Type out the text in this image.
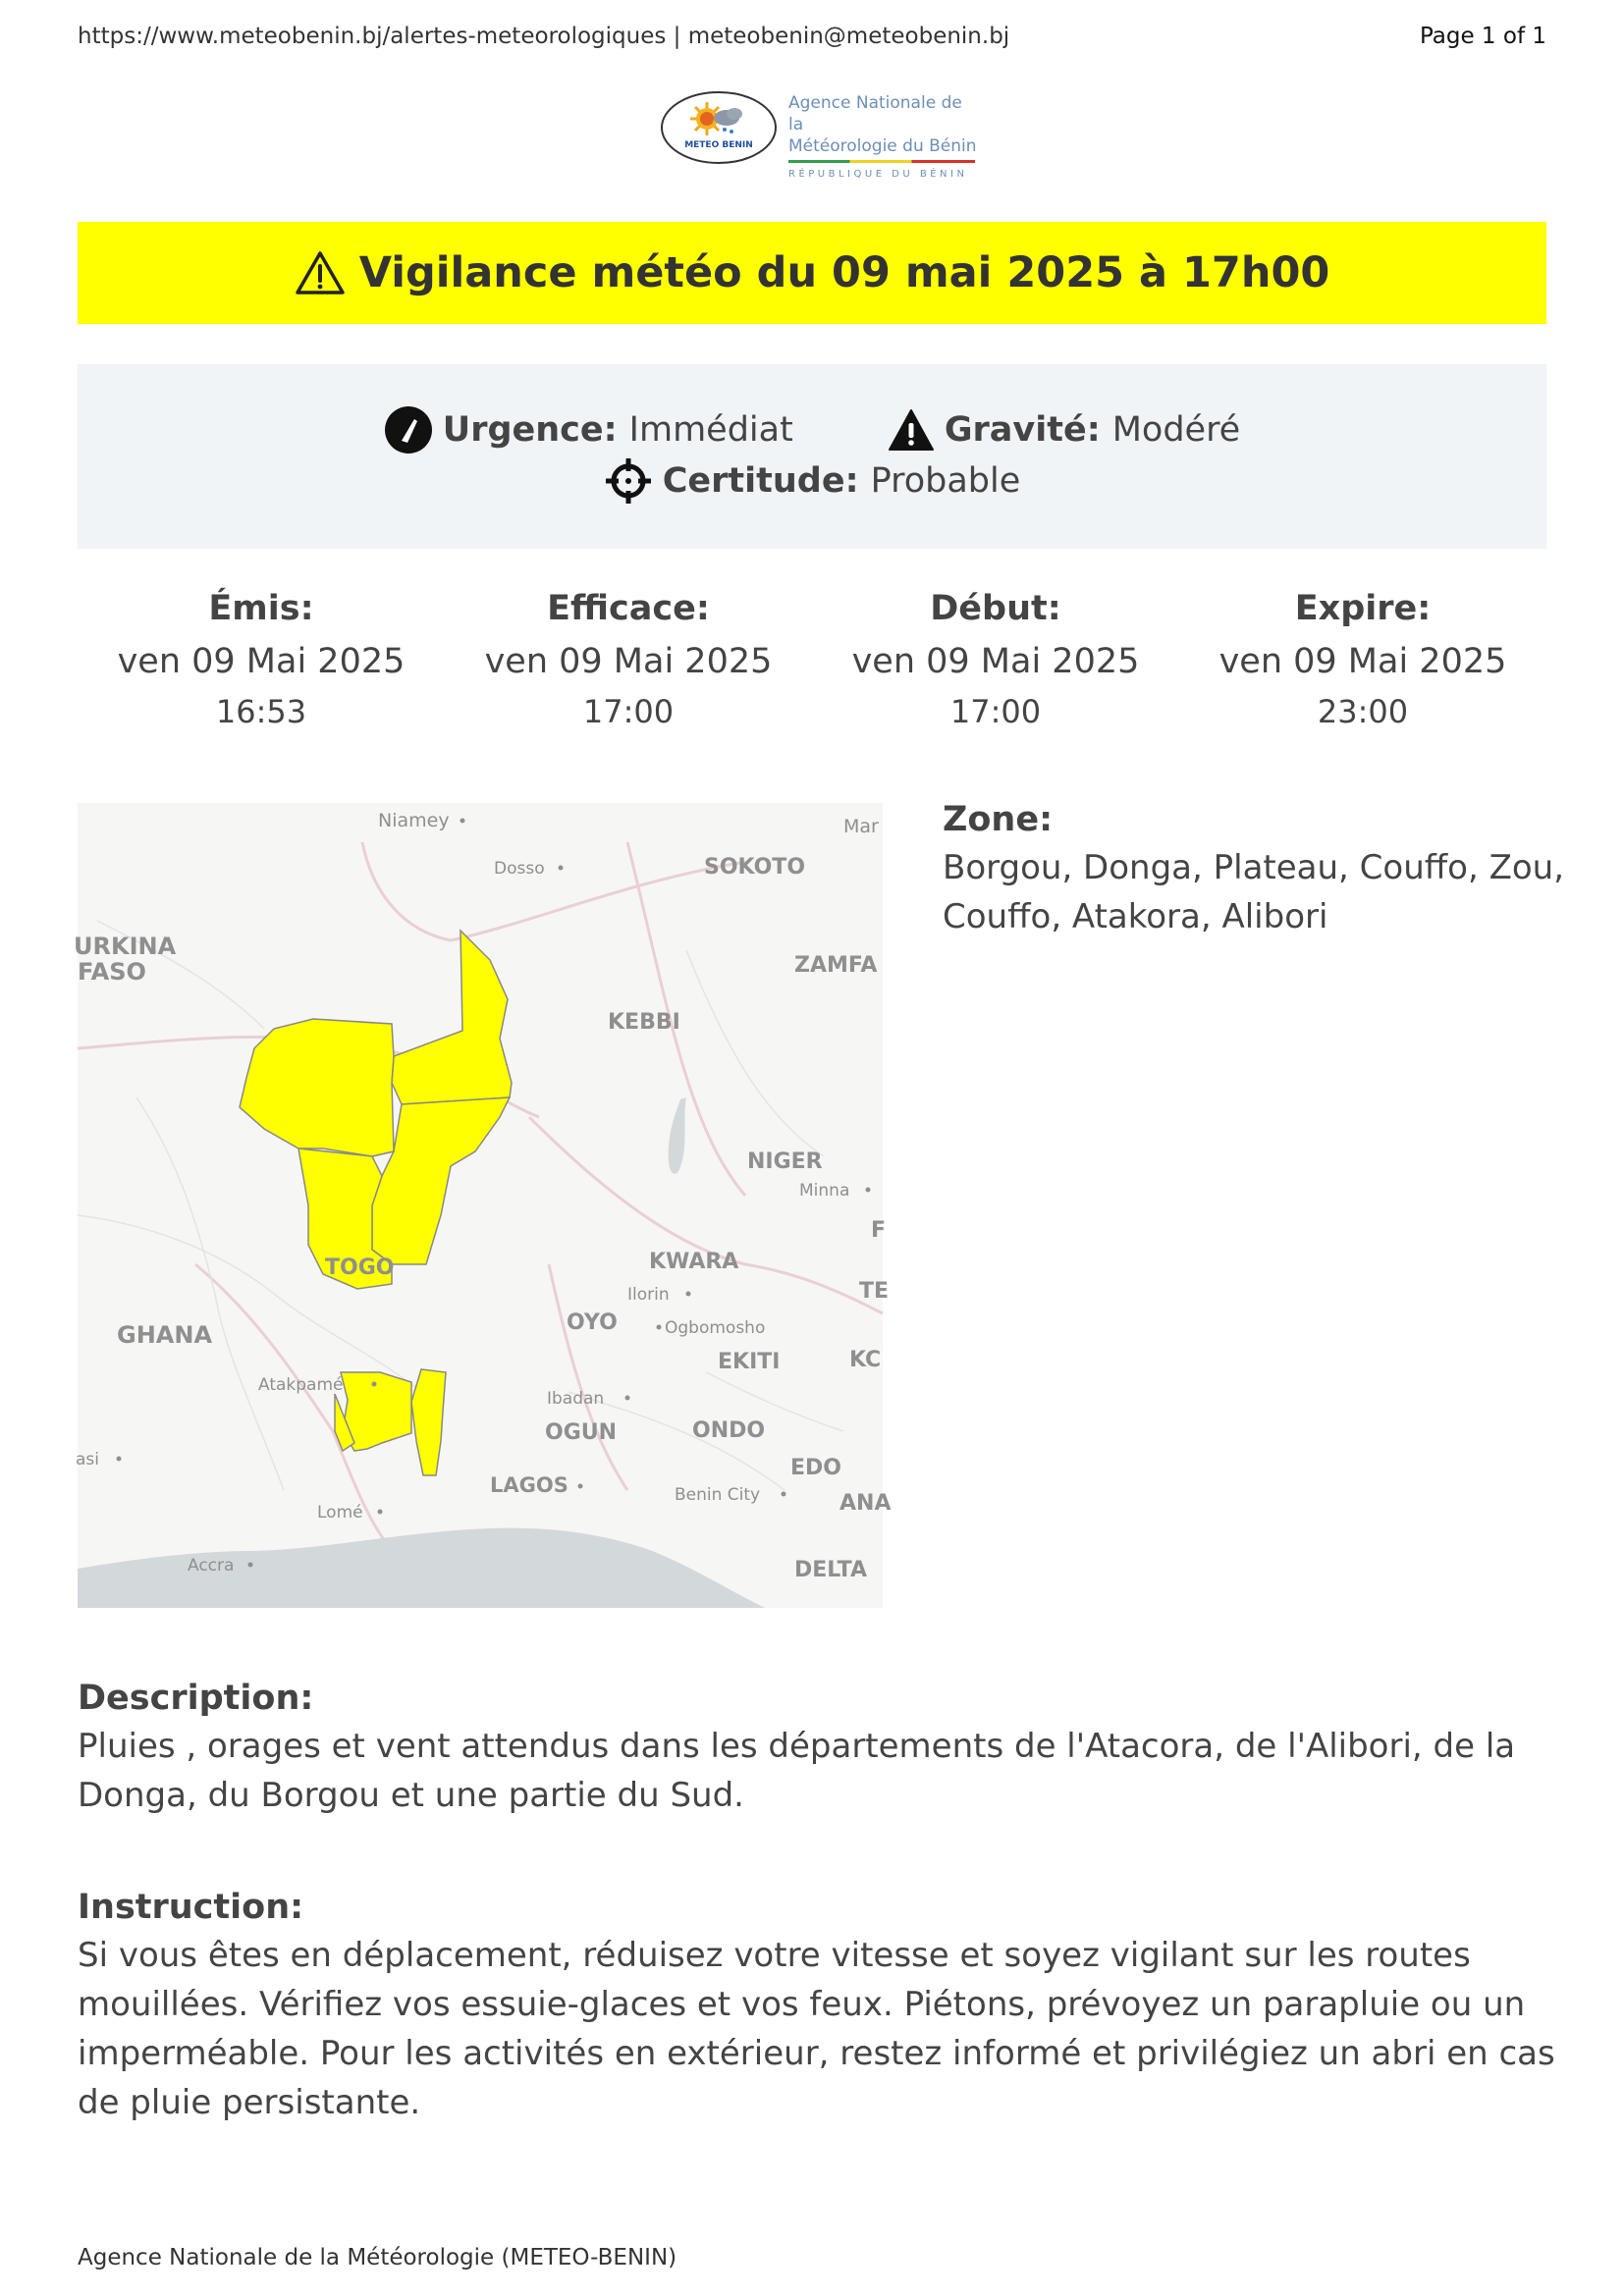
https://www.meteobenin.bj/alertes-meteorologiques | meteobenin@meteobenin.bj	Page 1 of 1
METEO BENIN
Agence Nationale de la
Météorologie du Bénin
RÉPUBLIQUE DU BÉNIN
Vigilance météo du 09 mai 2025 à 17h00
Urgence: Immédiat	Gravité: Modéré
Certitude: Probable
Émis:
ven 09 Mai 2025
16:53
Efficace:
ven 09 Mai 2025
17:00
Début:
ven 09 Mai 2025
17:00
Expire:
ven 09 Mai 2025
23:00
Niamey
Dosso	SOKOTO
Mar
URKINA
FASO	ZAMFA
KEBBI
NIGER
Minna
F
TOGO	KWARA
Ilorin	TE
OYO	Ogbomosho
GHANA
EKITI	KC
Atakpamé
Ibadan
OGUN	ONDO
asi	EDO
LAGOS	Benin City	ANA
Lomé
Accra	DELTA
Zone:
Borgou, Donga, Plateau, Couffo, Zou, Couffo, Atakora, Alibori
Description:
Pluies , orages et vent attendus dans les départements de l'Atacora, de l'Alibori, de la Donga, du Borgou et une partie du Sud.
Instruction:
Si vous êtes en déplacement, réduisez votre vitesse et soyez vigilant sur les routes mouillées. Vérifiez vos essuie-glaces et vos feux. Piétons, prévoyez un parapluie ou un imperméable. Pour les activités en extérieur, restez informé et privilégiez un abri en cas de pluie persistante.
Agence Nationale de la Météorologie (METEO-BENIN)
